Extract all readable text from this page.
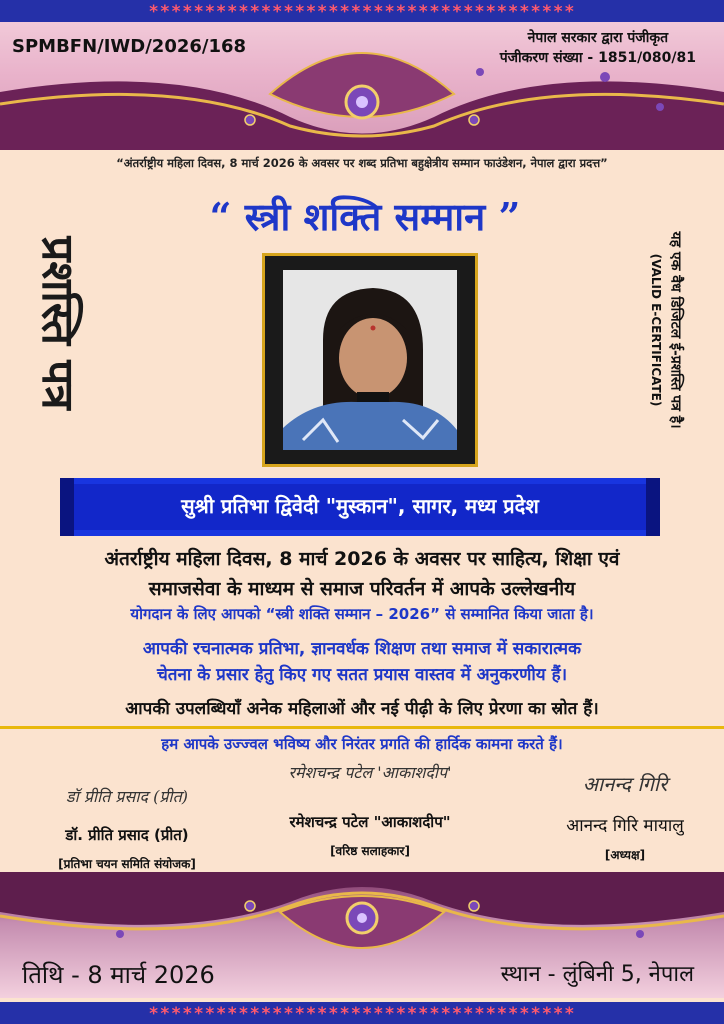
**************************************
SPMBFN/IWD/2026/168	नेपाल सरकार द्वारा पंजीकृत
पंजीकरण संख्या - 1851/080/81
“अंतर्राष्ट्रीय महिला दिवस, 8 मार्च 2026 के अवसर पर शब्द प्रतिभा बहुक्षेत्रीय सम्मान फाउंडेशन, नेपाल द्वारा प्रदत्त”
प्रशस्ति पत्र
“ स्त्री शक्ति सम्मान ”
यह एक वैध डिजिटल ई-प्रशस्ति पत्र है।
(VALID E-CERTIFICATE)
सुश्री प्रतिभा द्विवेदी "मुस्कान", सागर, मध्य प्रदेश
अंतर्राष्ट्रीय महिला दिवस, 8 मार्च 2026 के अवसर पर साहित्य, शिक्षा एवं
समाजसेवा के माध्यम से समाज परिवर्तन में आपके उल्लेखनीय
योगदान के लिए आपको “स्त्री शक्ति सम्मान – 2026” से सम्मानित किया जाता है।
आपकी रचनात्मक प्रतिभा, ज्ञानवर्धक शिक्षण तथा समाज में सकारात्मक
चेतना के प्रसार हेतु किए गए सतत प्रयास वास्तव में अनुकरणीय हैं।
आपकी उपलब्धियाँ अनेक महिलाओं और नई पीढ़ी के लिए प्रेरणा का स्रोत हैं।
हम आपके उज्ज्वल भविष्य और निरंतर प्रगति की हार्दिक कामना करते हैं।
डॉ प्रीति प्रसाद (प्रीत)
डॉ. प्रीति प्रसाद (प्रीत)
[प्रतिभा चयन समिति संयोजक]
रमेशचन्द्र पटेल 'आकाशदीप'
रमेशचन्द्र पटेल "आकाशदीप"
[वरिष्ठ सलाहकार]
आनन्द गिरि
आनन्द गिरि मायालु
[अध्यक्ष]
तिथि - 8 मार्च 2026	स्थान - लुंबिनी 5, नेपाल
**************************************
